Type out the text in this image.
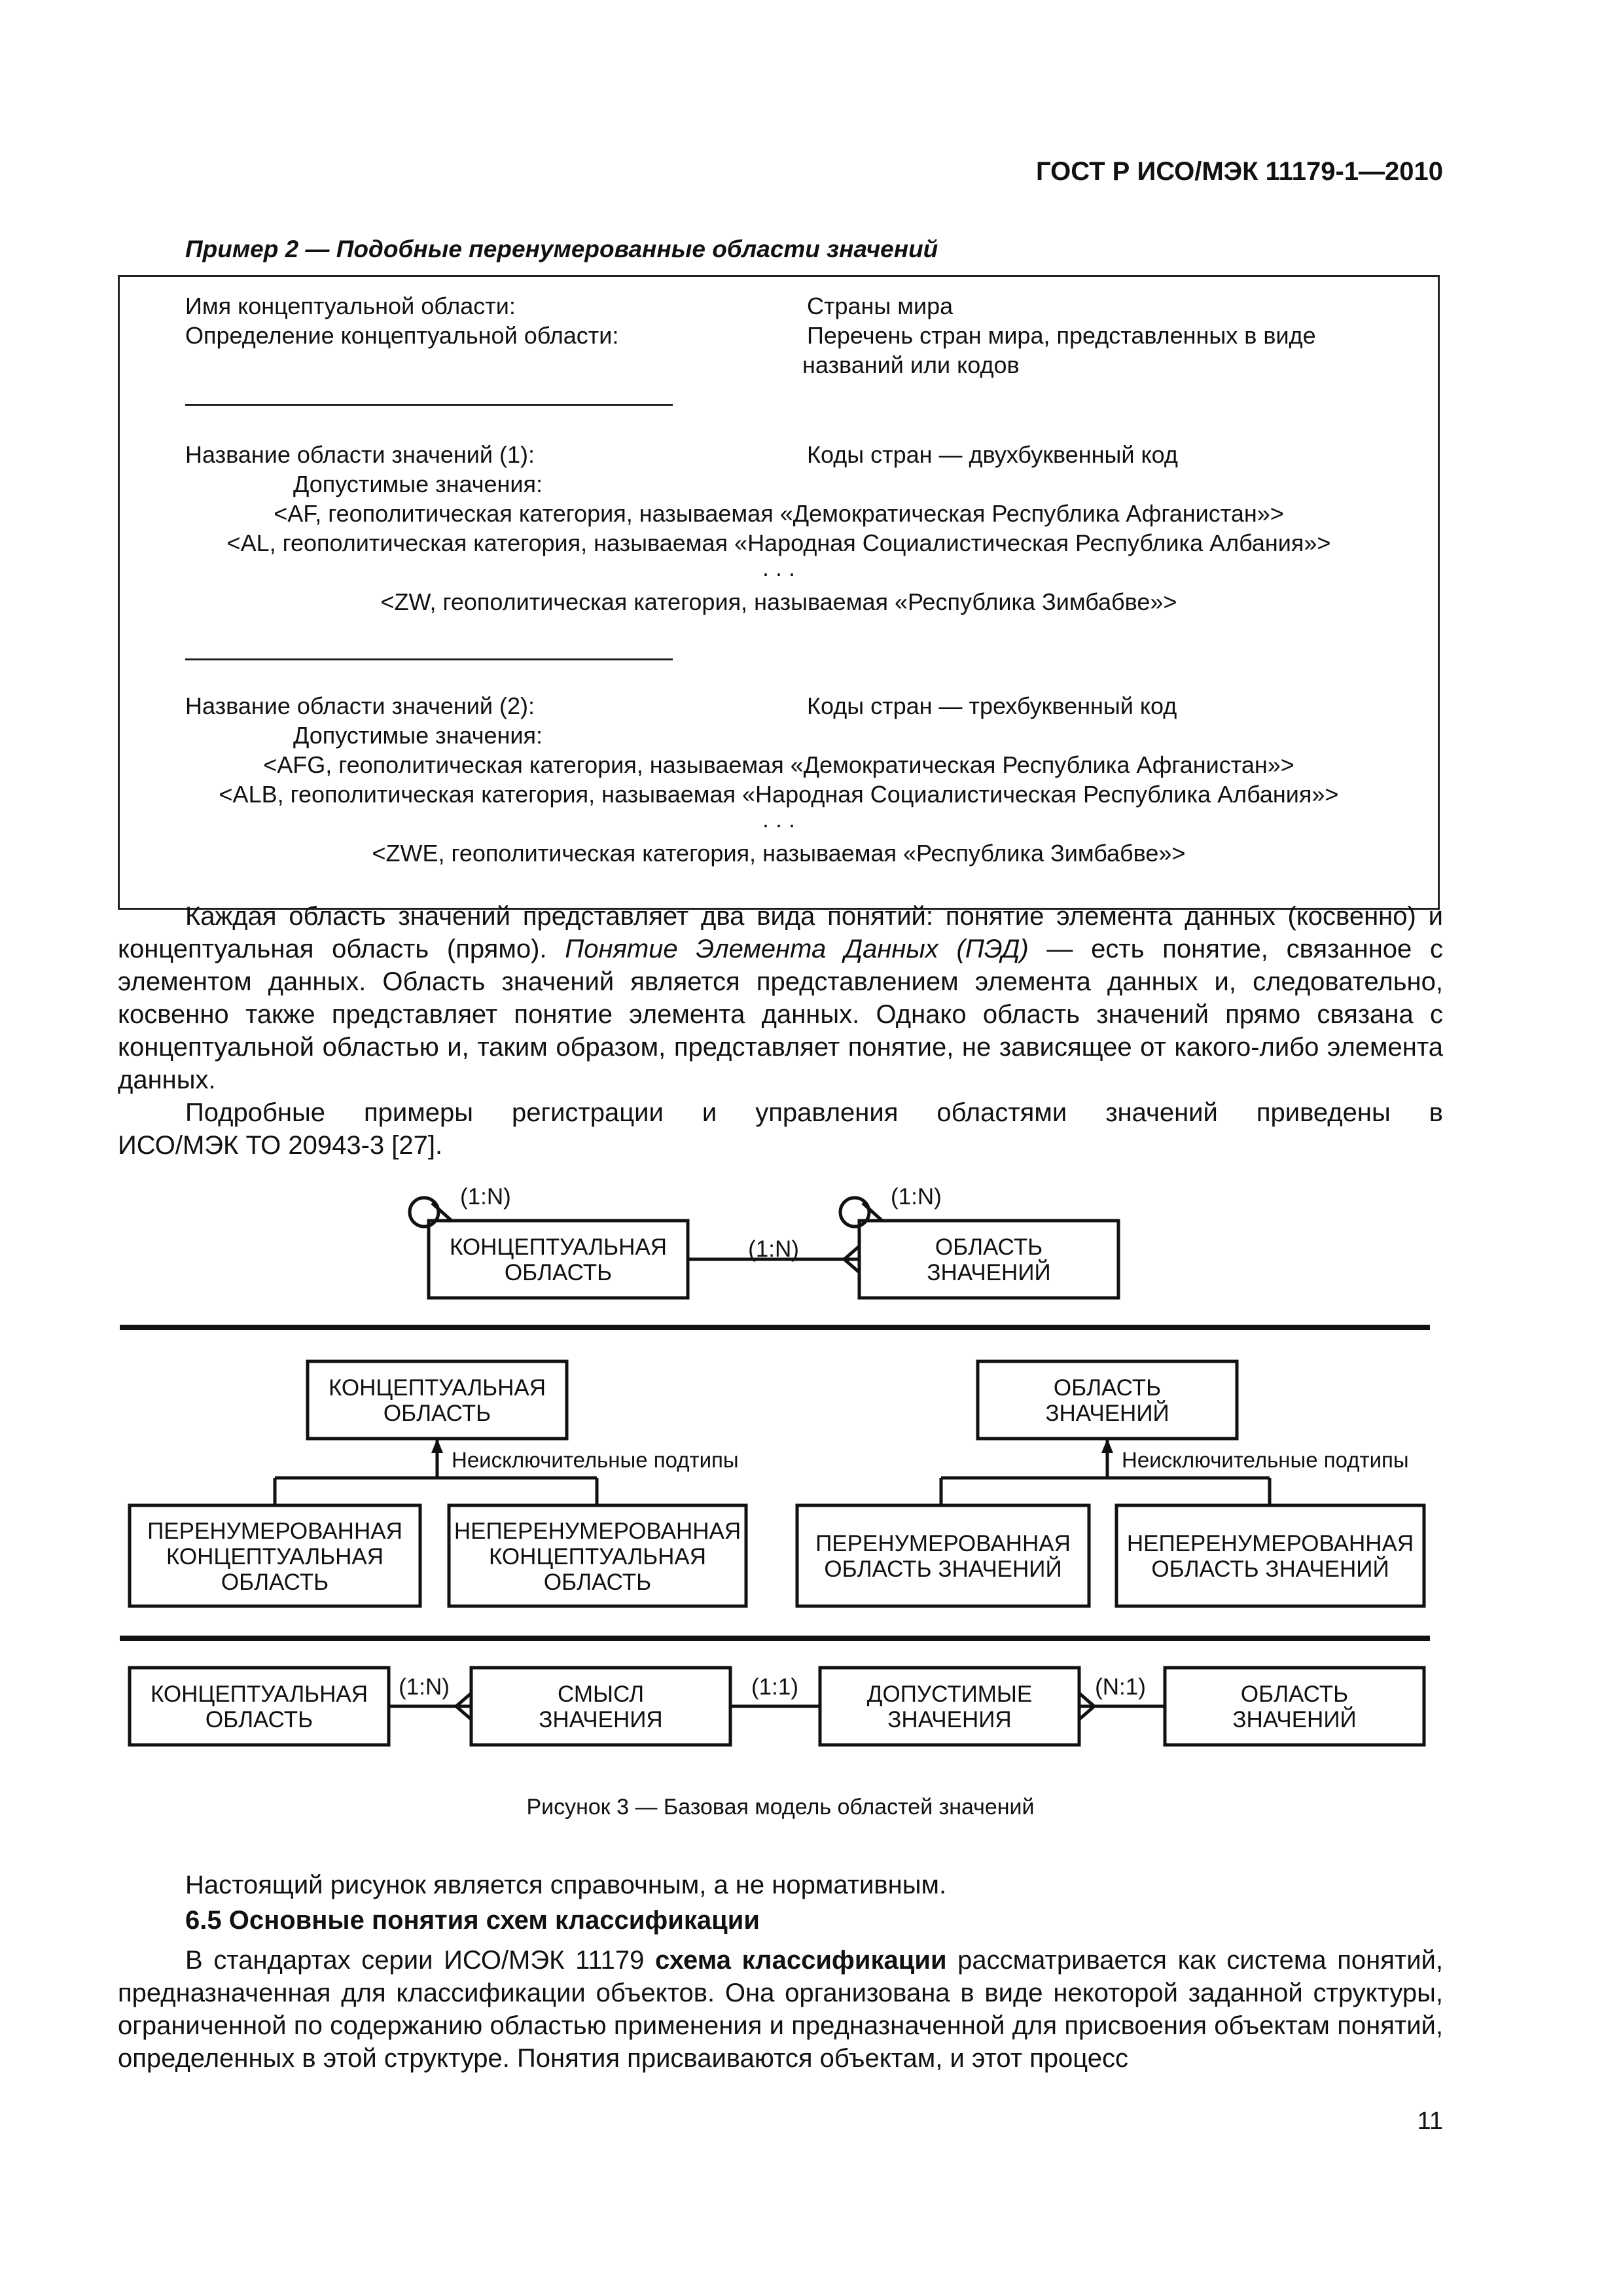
ГОСТ Р ИСО/МЭК 11179-1—2010
Пример 2 — Подобные перенумерованные области значений
Имя концептуальной области:	Страны мира
Определение концептуальной области:	Перечень стран мира, представленных в виде
названий или кодов
Название области значений (1):	Коды стран — двухбуквенный код
Допустимые значения:
<AF, геополитическая категория, называемая «Демократическая Республика Афганистан»>
<AL, геополитическая категория, называемая «Народная Социалистическая Республика Албания»>
. . .
<ZW, геополитическая категория, называемая «Республика Зимбабве»>
Название области значений (2):	Коды стран — трехбуквенный код
Допустимые значения:
<AFG, геополитическая категория, называемая «Демократическая Республика Афганистан»>
<ALB, геополитическая категория, называемая «Народная Социалистическая Республика Албания»>
. . .
<ZWE, геополитическая категория, называемая «Республика Зимбабве»>
Каждая область значений представляет два вида понятий: понятие элемента данных (косвенно) и концептуальная область (прямо). Понятие Элемента Данных (ПЭД) — есть понятие, связанное с элементом данных. Область значений является представлением элемента данных и, следовательно, косвенно также представляет понятие элемента данных. Однако область значений прямо связана с концептуальной областью и, таким образом, представляет понятие, не зависящее от какого-либо элемента данных.
Подробные примеры регистрации и управления областями значений приведены в
ИСО/МЭК ТО 20943-3 [27].
(1:N)	(1:N)
(1:N)
КОНЦЕПТУАЛЬНАЯ
ОБЛАСТЬ
ОБЛАСТЬ
ЗНАЧЕНИЙ
КОНЦЕПТУАЛЬНАЯ
ОБЛАСТЬ
ОБЛАСТЬ
ЗНАЧЕНИЙ
ПЕРЕНУМЕРОВАННАЯ
КОНЦЕПТУАЛЬНАЯ
ОБЛАСТЬ
НЕПЕРЕНУМЕРОВАННАЯ
КОНЦЕПТУАЛЬНАЯ
ОБЛАСТЬ
ПЕРЕНУМЕРОВАННАЯ
ОБЛАСТЬ ЗНАЧЕНИЙ
НЕПЕРЕНУМЕРОВАННАЯ
ОБЛАСТЬ ЗНАЧЕНИЙ
КОНЦЕПТУАЛЬНАЯ
ОБЛАСТЬ
СМЫСЛ
ЗНАЧЕНИЯ
ДОПУСТИМЫЕ
ЗНАЧЕНИЯ
ОБЛАСТЬ
ЗНАЧЕНИЙ
(1:N)	(1:1)	(N:1)
Неисключительные подтипы	Неисключительные подтипы
Рисунок 3 — Базовая модель областей значений
Настоящий рисунок является справочным, а не нормативным.
6.5 Основные понятия схем классификации
В стандартах серии ИСО/МЭК 11179 схема классификации рассматривается как система понятий, предназначенная для классификации объектов. Она организована в виде некоторой заданной структуры, ограниченной по содержанию областью применения и предназначенной для присвоения объектам понятий, определенных в этой структуре. Понятия присваиваются объектам, и этот процесс
11
